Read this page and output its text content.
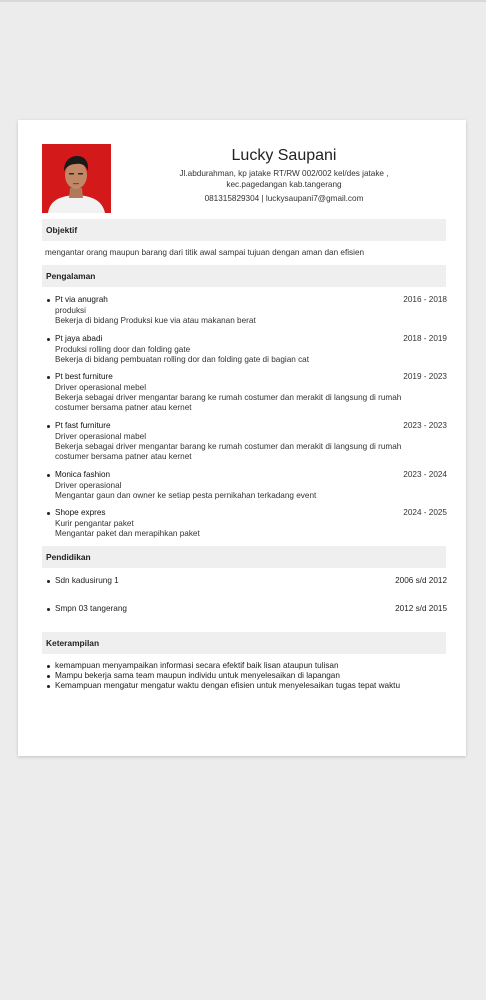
Lucky Saupani
Jl.abdurahman, kp jatake RT/RW 002/002 kel/des jatake ,
kec.pagedangan kab.tangerang
081315829304 | luckysaupani7@gmail.com
Objektif
mengantar orang maupun barang dari titik awal sampai tujuan dengan aman dan efisien
Pengalaman
Pt via anugrah	2016 - 2018
produksi
Bekerja di bidang Produksi kue via atau makanan berat
Pt jaya abadi	2018 - 2019
Produksi rolling door dan folding gate
Bekerja di bidang pembuatan rolling dor dan folding gate di bagian cat
Pt best furniture	2019 - 2023
Driver operasional mebel
Bekerja sebagai driver mengantar barang ke rumah costumer dan merakit di langsung di rumah
costumer bersama patner atau kernet
Pt fast furniture	2023 - 2023
Driver operasional mabel
Bekerja sebagai driver mengantar barang ke rumah costumer dan merakit di langsung di rumah
costumer bersama patner atau kernet
Monica fashion	2023 - 2024
Driver operasional
Mengantar gaun dan owner ke setiap pesta pernikahan terkadang event
Shope expres	2024 - 2025
Kurir pengantar paket
Mengantar paket dan merapihkan paket
Pendidikan
Sdn kadusirung 1	2006 s/d 2012
Smpn 03 tangerang	2012 s/d 2015
Keterampilan
kemampuan menyampaikan informasi secara efektif baik lisan ataupun tulisan
Mampu bekerja sama team maupun individu untuk menyelesaikan di lapangan
Kemampuan mengatur mengatur waktu dengan efisien untuk menyelesaikan tugas tepat waktu
